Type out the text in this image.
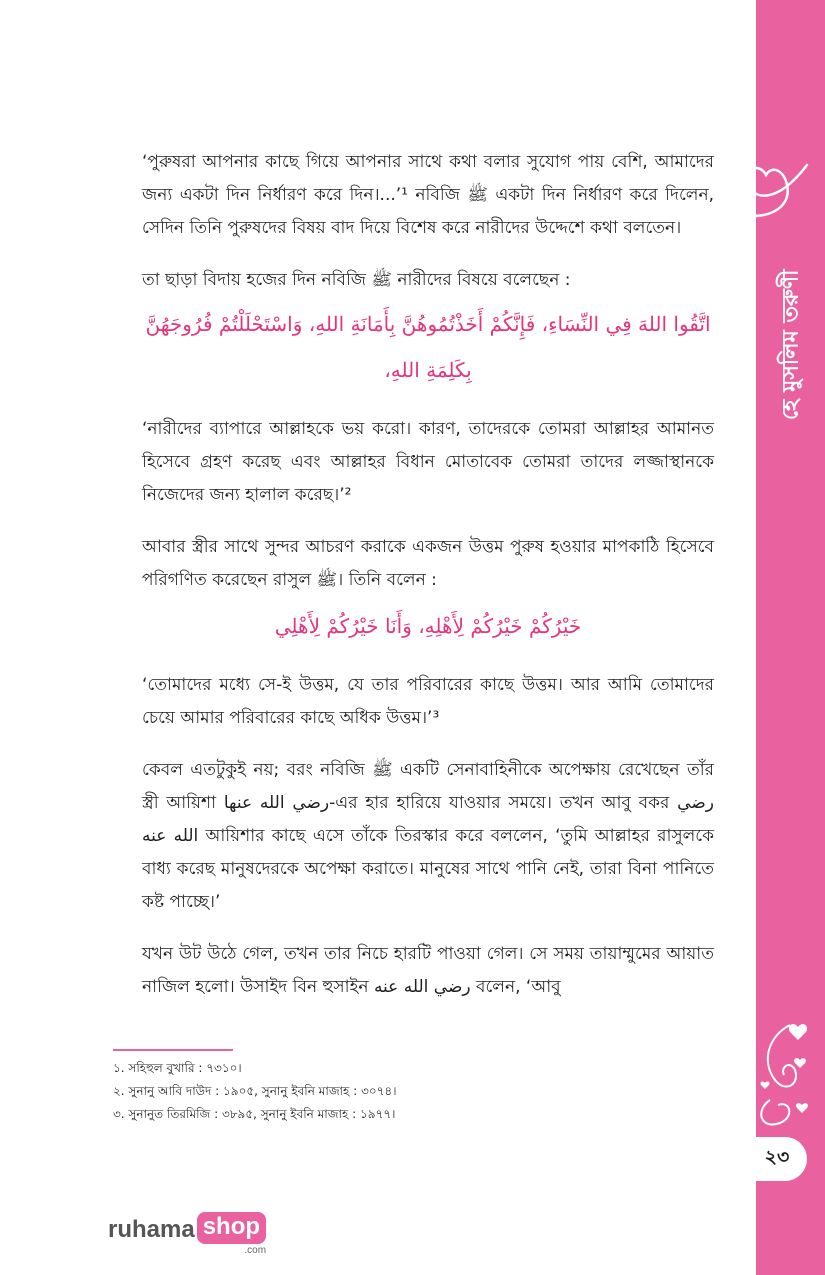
হে মুসলিম তরুণী
২৩

‘পুরুষরা আপনার কাছে গিয়ে আপনার সাথে কথা বলার সুযোগ পায় বেশি, আমাদের জন্য একটা দিন নির্ধারণ করে দিন।...’¹ নবিজি ﷺ একটা দিন নির্ধারণ করে দিলেন, সেদিন তিনি পুরুষদের বিষয় বাদ দিয়ে বিশেষ করে নারীদের উদ্দেশে কথা বলতেন।

তা ছাড়া বিদায় হজের দিন নবিজি ﷺ নারীদের বিষয়ে বলেছেন :

اتَّقُوا اللهَ فِي النِّسَاءِ، فَإِنَّكُمْ أَخَذْتُمُوهُنَّ بِأَمَانَةِ اللهِ، وَاسْتَحْلَلْتُمْ فُرُوجَهُنَّ بِكَلِمَةِ اللهِ،

‘নারীদের ব্যাপারে আল্লাহকে ভয় করো। কারণ, তাদেরকে তোমরা আল্লাহর আমানত হিসেবে গ্রহণ করেছ এবং আল্লাহর বিধান মোতাবেক তোমরা তাদের লজ্জাস্থানকে নিজেদের জন্য হালাল করেছ।’²

আবার স্ত্রীর সাথে সুন্দর আচরণ করাকে একজন উত্তম পুরুষ হওয়ার মাপকাঠি হিসেবে পরিগণিত করেছেন রাসুল ﷺ। তিনি বলেন :

خَيْرُكُمْ خَيْرُكُمْ لِأَهْلِهِ، وَأَنَا خَيْرُكُمْ لِأَهْلِي

‘তোমাদের মধ্যে সে-ই উত্তম, যে তার পরিবারের কাছে উত্তম। আর আমি তোমাদের চেয়ে আমার পরিবারের কাছে অধিক উত্তম।’³

কেবল এতটুকুই নয়; বরং নবিজি ﷺ একটি সেনাবাহিনীকে অপেক্ষায় রেখেছেন তাঁর স্ত্রী আয়িশা رضي الله عنها-এর হার হারিয়ে যাওয়ার সময়ে। তখন আবু বকর رضي الله عنه আয়িশার কাছে এসে তাঁকে তিরস্কার করে বললেন, ‘তুমি আল্লাহর রাসুলকে বাধ্য করেছ মানুষদেরকে অপেক্ষা করাতে। মানুষের সাথে পানি নেই, তারা বিনা পানিতে কষ্ট পাচ্ছে।’

যখন উট উঠে গেল, তখন তার নিচে হারটি পাওয়া গেল। সে সময় তায়াম্মুমের আয়াত নাজিল হলো। উসাইদ বিন হুসাইন رضي الله عنه বলেন, ‘আবু

১. সহিহুল বুখারি : ৭৩১০।
২. সুনানু আবি দাউদ : ১৯০৫, সুনানু ইবনি মাজাহ : ৩০৭৪।
৩. সুনানুত তিরমিজি : ৩৮৯৫, সুনানু ইবনি মাজাহ : ১৯৭৭।
ruhama shop
.com
